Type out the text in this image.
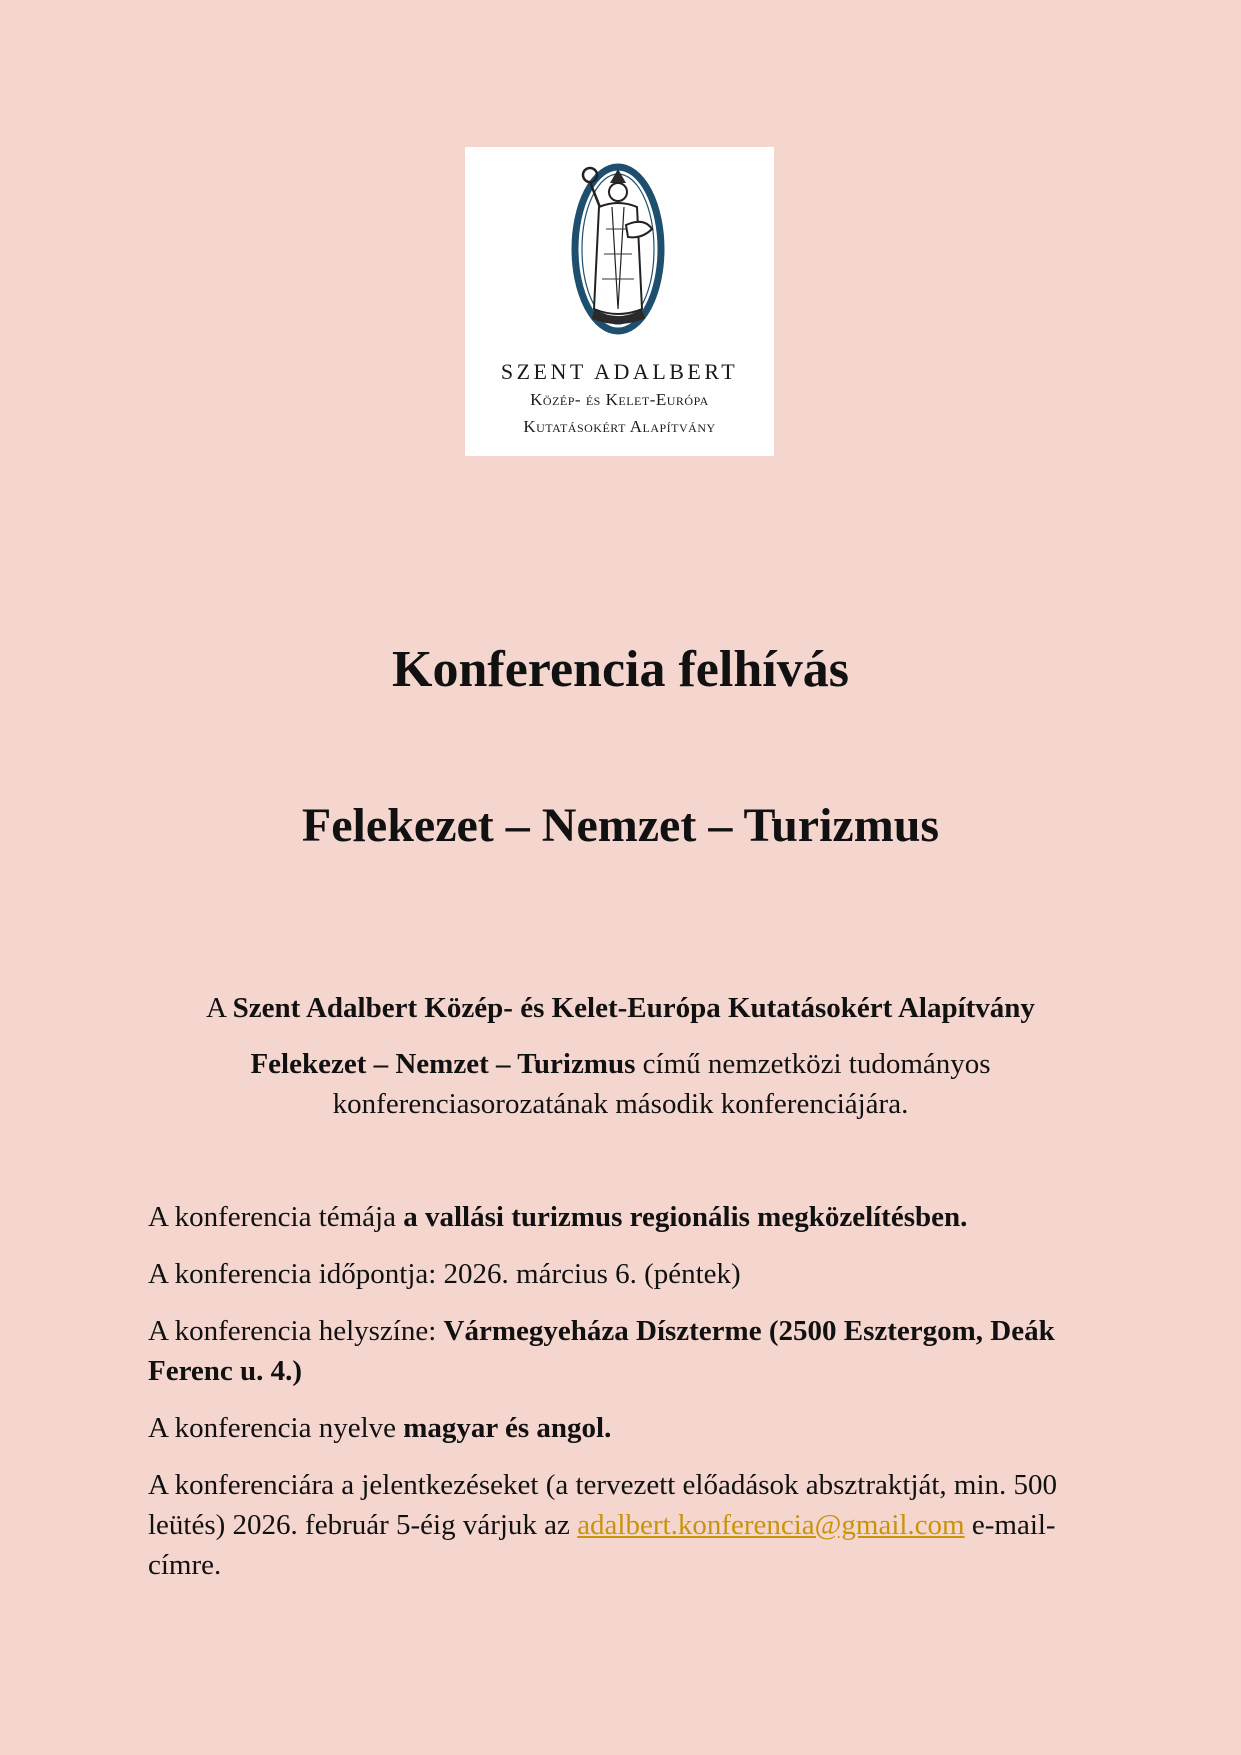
SZENT ADALBERT
Közép- és Kelet-Európa
Kutatásokért Alapítvány
Konferencia felhívás
Felekezet – Nemzet – Turizmus
A Szent Adalbert Közép- és Kelet-Európa Kutatásokért Alapítvány
Felekezet – Nemzet – Turizmus című nemzetközi tudományos konferenciasorozatának második konferenciájára.

A konferencia témája a vallási turizmus regionális megközelítésben.

A konferencia időpontja: 2026. március 6. (péntek)

A konferencia helyszíne: Vármegyeháza Díszterme (2500 Esztergom, Deák Ferenc u. 4.)

A konferencia nyelve magyar és angol.

A konferenciára a jelentkezéseket (a tervezett előadások absztraktját, min. 500 leütés) 2026. február 5-éig várjuk az adalbert.konferencia@gmail.com e-mail-címre.
